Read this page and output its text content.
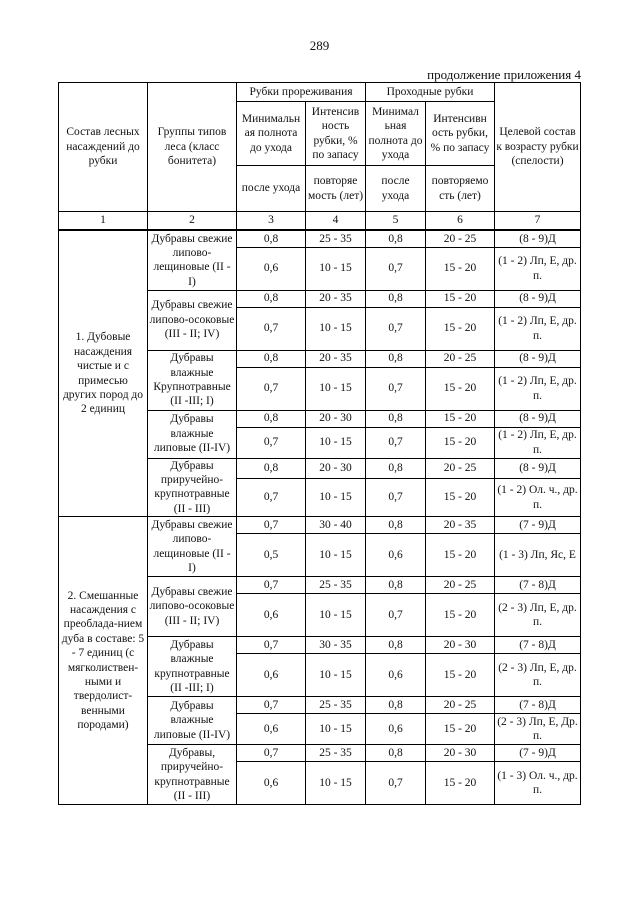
289
продолжение приложения 4
Состав лесных насаждений до рубки	Группы типов леса (класс бонитета)	Рубки прореживания		Проходные рубки		Целевой состав к возрасту рубки (спелости)
		Минимальн ая полнота до ухода	Интенсив ность рубки, % по запасу	Минимал ьная полнота до ухода	Интенсивн ость рубки, % по запасу	
		после ухода	повторяе мость (лет)	после ухода	повторяемо сть (лет)	
1	2	3	4	5	6	7
1. Дубовые насаждения чистые и с примесью других пород до 2 единиц	Дубравы свежие липово-лещиновые (II - I)	0,8	25 - 35	0,8	20 - 25	(8 - 9)Д
		0,6	10 - 15	0,7	15 - 20	(1 - 2) Лп, Е, др. п.
	Дубравы свежие липово-осоковые (III - II; IV)	0,8	20 - 35	0,8	15 - 20	(8 - 9)Д
		0,7	10 - 15	0,7	15 - 20	(1 - 2) Лп, Е, др. п.
	Дубравы влажные Крупнотравные (II -III; I)	0,8	20 - 35	0,8	20 - 25	(8 - 9)Д
		0,7	10 - 15	0,7	15 - 20	(1 - 2) Лп, Е, др. п.
	Дубравы влажные липовые (II-IV)	0,8	20 - 30	0,8	15 - 20	(8 - 9)Д
		0,7	10 - 15	0,7	15 - 20	(1 - 2) Лп, Е, др. п.
	Дубравы приручейно-крупнотравные (II - III)	0,8	20 - 30	0,8	20 - 25	(8 - 9)Д
		0,7	10 - 15	0,7	15 - 20	(1 - 2) Ол. ч., др. п.
2. Смешанные насаждения с преоблада-нием дуба в составе: 5 - 7 единиц (с мягколиствен-ными и твердолист-венными породами)	Дубравы свежие липово-лещиновые (II - I)	0,7	30 - 40	0,8	20 - 35	(7 - 9)Д
		0,5	10 - 15	0,6	15 - 20	(1 - 3) Лп, Яс, Е
	Дубравы свежие липово-осоковые (III - II; IV)	0,7	25 - 35	0,8	20 - 25	(7 - 8)Д
		0,6	10 - 15	0,7	15 - 20	(2 - 3) Лп, Е, др. п.
	Дубравы влажные крупнотравные (II -III; I)	0,7	30 - 35	0,8	20 - 30	(7 - 8)Д
		0,6	10 - 15	0,6	15 - 20	(2 - 3) Лп, Е, др. п.
	Дубравы влажные липовые (II-IV)	0,7	25 - 35	0,8	20 - 25	(7 - 8)Д
		0,6	10 - 15	0,6	15 - 20	(2 - 3) Лп, Е, Др. п.
	Дубравы, приручейно-крупнотравные (II - III)	0,7	25 - 35	0,8	20 - 30	(7 - 9)Д
		0,6	10 - 15	0,7	15 - 20	(1 - 3) Ол. ч., др. п.
